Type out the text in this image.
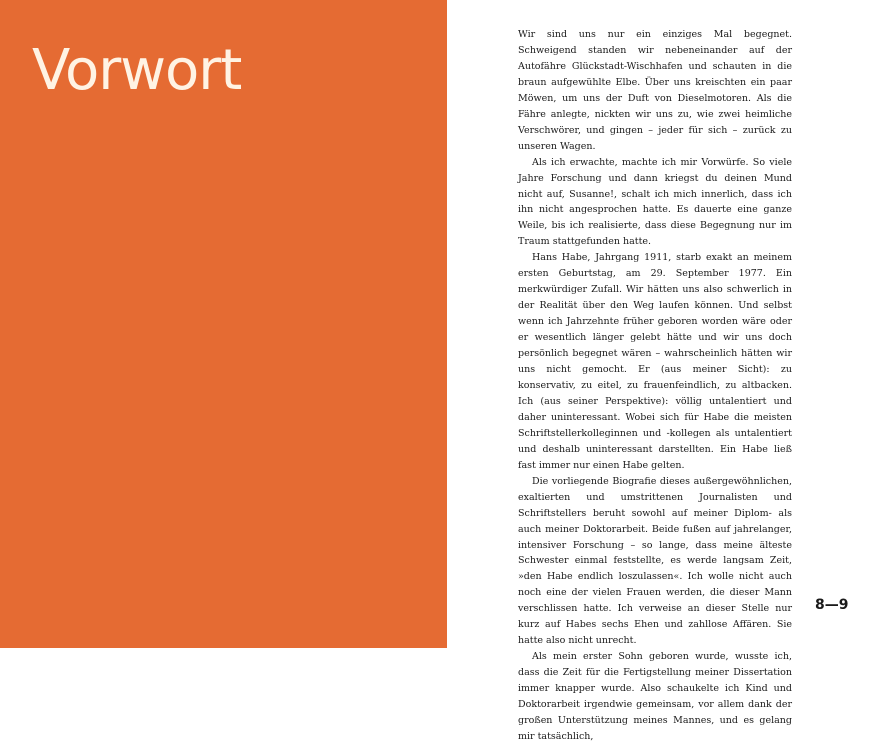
Vorwort

Wir sind uns nur ein einziges Mal begegnet. Schweigend standen wir nebeneinander auf der Autofähre Glückstadt-Wischhafen und schauten in die braun aufgewühlte Elbe. Über uns kreischten ein paar Möwen, um uns der Duft von Dieselmotoren. Als die Fähre anlegte, nickten wir uns zu, wie zwei heimliche Verschwörer, und gingen – jeder für sich – zurück zu unseren Wagen.

Als ich erwachte, machte ich mir Vorwürfe. So viele Jahre Forschung und dann kriegst du deinen Mund nicht auf, Susanne!, schalt ich mich innerlich, dass ich ihn nicht angesprochen hatte. Es dauerte eine ganze Weile, bis ich realisierte, dass diese Begegnung nur im Traum stattgefunden hatte.

Hans Habe, Jahrgang 1911, starb exakt an meinem ersten Geburtstag, am 29. September 1977. Ein merkwürdiger Zufall. Wir hätten uns also schwerlich in der Realität über den Weg laufen können. Und selbst wenn ich Jahrzehnte früher geboren worden wäre oder er wesentlich länger gelebt hätte und wir uns doch persönlich begegnet wären – wahrscheinlich hätten wir uns nicht gemocht. Er (aus meiner Sicht): zu konservativ, zu eitel, zu frauenfeindlich, zu altbacken. Ich (aus seiner Perspektive): völlig untalentiert und daher uninteressant. Wobei sich für Habe die meisten Schriftstellerkolleginnen und -kollegen als untalentiert und deshalb uninteressant darstellten. Ein Habe ließ fast immer nur einen Habe gelten.

Die vorliegende Biografie dieses außergewöhnlichen, exaltierten und umstrittenen Journalisten und Schriftstellers beruht sowohl auf meiner Diplom- als auch meiner Doktorarbeit. Beide fußen auf jahrelanger, intensiver Forschung – so lange, dass meine älteste Schwester einmal feststellte, es werde langsam Zeit, »den Habe endlich loszulassen«. Ich wolle nicht auch noch eine der vielen Frauen werden, die dieser Mann verschlissen hatte. Ich verweise an dieser Stelle nur kurz auf Habes sechs Ehen und zahllose Affären. Sie hatte also nicht unrecht.

Als mein erster Sohn geboren wurde, wusste ich, dass die Zeit für die Fertigstellung meiner Dissertation immer knapper wurde. Also schaukelte ich Kind und Doktorarbeit irgendwie gemeinsam, vor allem dank der großen Unterstützung meines Mannes, und es gelang mir tatsächlich,

8—9
